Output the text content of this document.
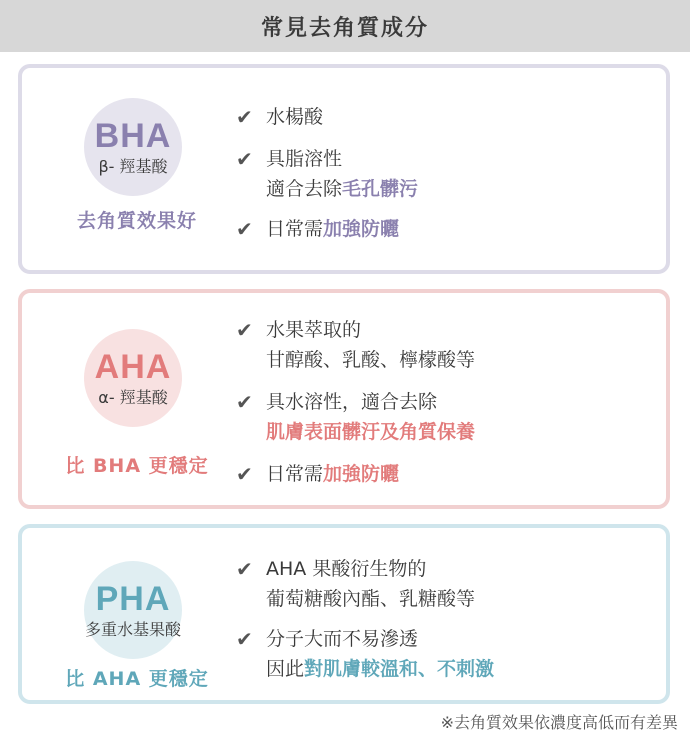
常見去角質成分
BHA
β- 羥基酸
去角質效果好
✔ 水楊酸
✔ 具脂溶性
適合去除毛孔髒污
✔ 日常需加強防曬
AHA
α- 羥基酸
比 BHA 更穩定
✔ 水果萃取的
甘醇酸、乳酸、檸檬酸等
✔ 具水溶性，適合去除
肌膚表面髒汙及角質保養
✔ 日常需加強防曬
PHA
多重水基果酸
比 AHA 更穩定
✔ AHA 果酸衍生物的
葡萄糖酸內酯、乳糖酸等
✔ 分子大而不易滲透
因此對肌膚較溫和、不刺激
※去角質效果依濃度高低而有差異
